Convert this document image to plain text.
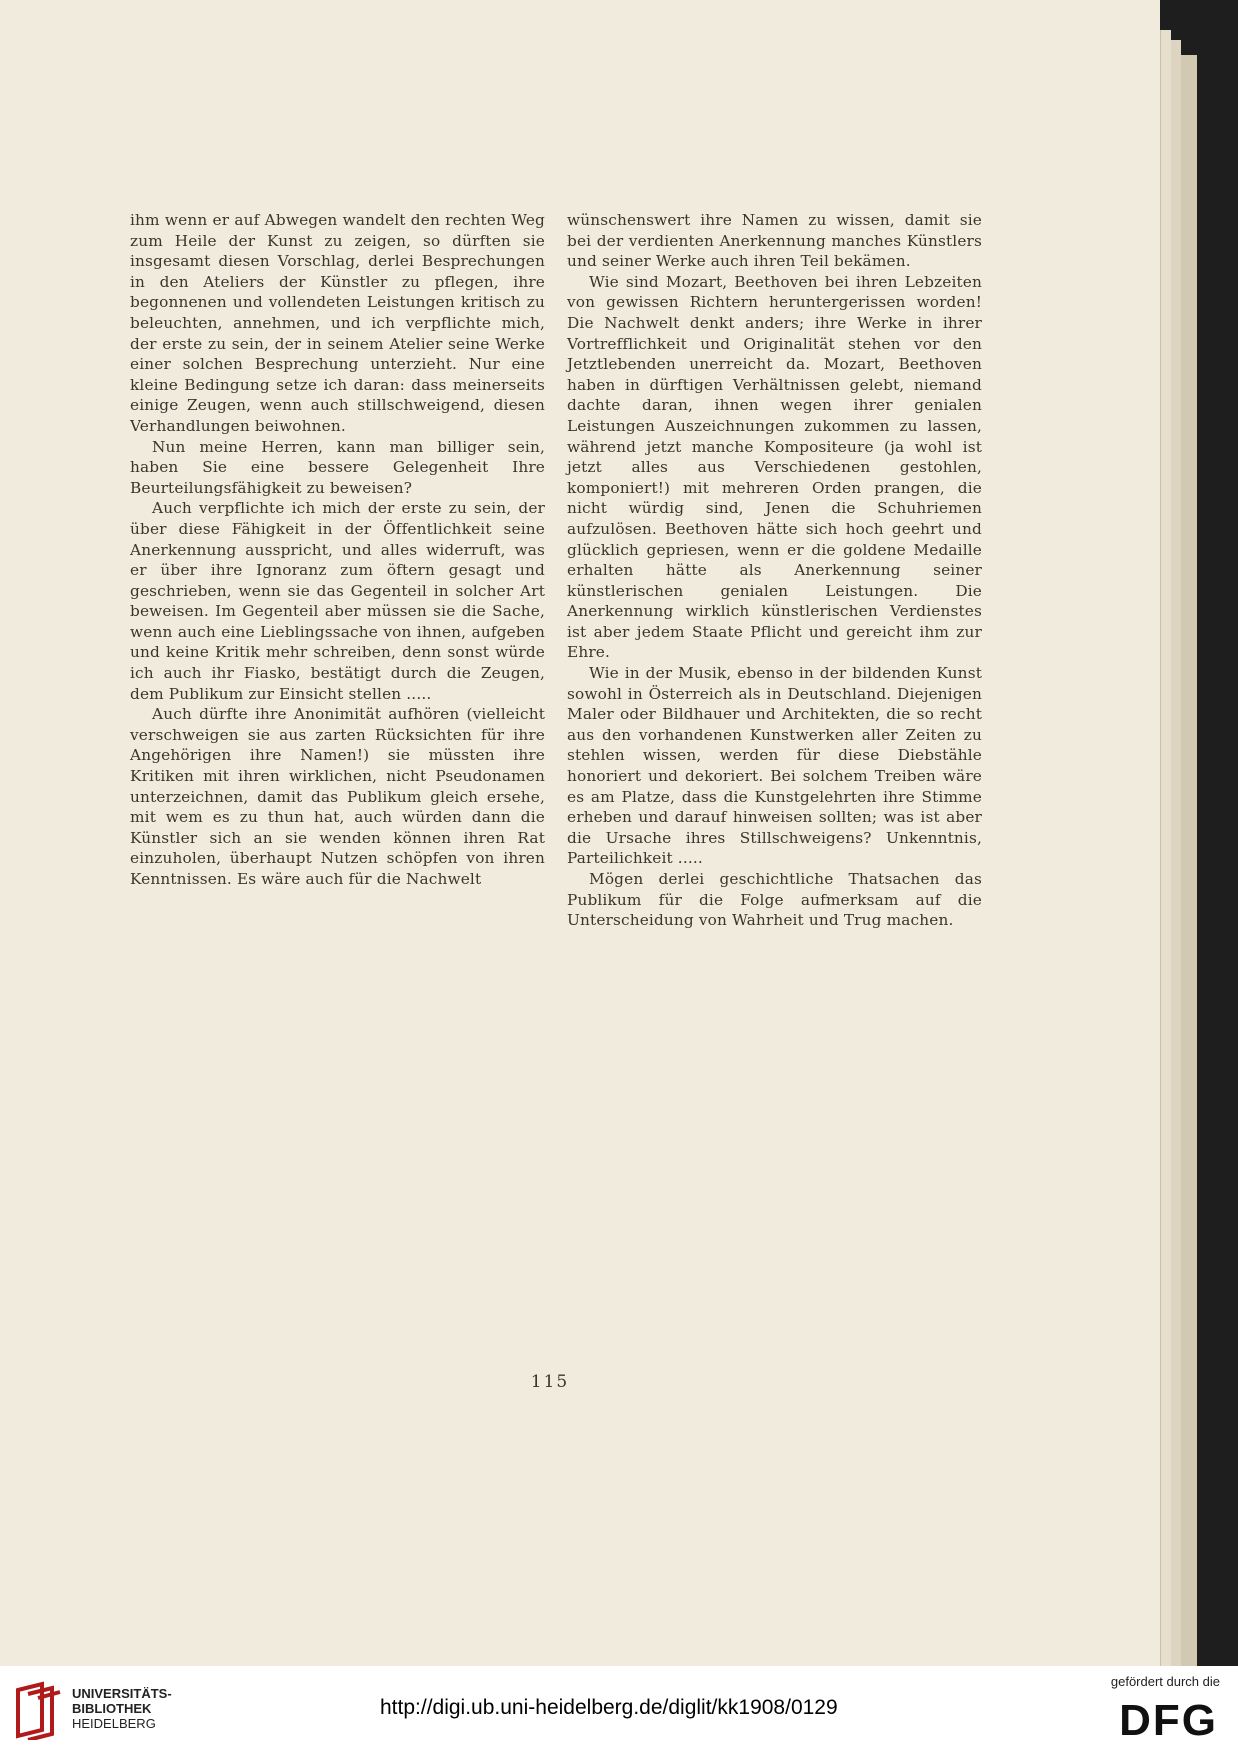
ihm wenn er auf Abwegen wandelt den rechten Weg zum Heile der Kunst zu zeigen, so dürften sie insgesamt diesen Vorschlag, derlei Besprechungen in den Ateliers der Künstler zu pflegen, ihre begonnenen und vollendeten Leistungen kritisch zu beleuchten, annehmen, und ich verpflichte mich, der erste zu sein, der in seinem Atelier seine Werke einer solchen Besprechung unterzieht. Nur eine kleine Bedingung setze ich daran: dass meinerseits einige Zeugen, wenn auch stillschweigend, diesen Verhandlungen beiwohnen.

Nun meine Herren, kann man billiger sein, haben Sie eine bessere Gelegenheit Ihre Beurteilungsfähigkeit zu beweisen?

Auch verpflichte ich mich der erste zu sein, der über diese Fähigkeit in der Öffentlichkeit seine Anerkennung ausspricht, und alles widerruft, was er über ihre Ignoranz zum öftern gesagt und geschrieben, wenn sie das Gegenteil in solcher Art beweisen. Im Gegenteil aber müssen sie die Sache, wenn auch eine Lieblingssache von ihnen, aufgeben und keine Kritik mehr schreiben, denn sonst würde ich auch ihr Fiasko, bestätigt durch die Zeugen, dem Publikum zur Einsicht stellen .....

Auch dürfte ihre Anonimität aufhören (vielleicht verschweigen sie aus zarten Rücksichten für ihre Angehörigen ihre Namen!) sie müssten ihre Kritiken mit ihren wirklichen, nicht Pseudonamen unterzeichnen, damit das Publikum gleich ersehe, mit wem es zu thun hat, auch würden dann die Künstler sich an sie wenden können ihren Rat einzuholen, überhaupt Nutzen schöpfen von ihren Kenntnissen. Es wäre auch für die Nachwelt

wünschenswert ihre Namen zu wissen, damit sie bei der verdienten Anerkennung manches Künstlers und seiner Werke auch ihren Teil bekämen.

Wie sind Mozart, Beethoven bei ihren Lebzeiten von gewissen Richtern heruntergerissen worden! Die Nachwelt denkt anders; ihre Werke in ihrer Vortrefflichkeit und Originalität stehen vor den Jetztlebenden unerreicht da. Mozart, Beethoven haben in dürftigen Verhältnissen gelebt, niemand dachte daran, ihnen wegen ihrer genialen Leistungen Auszeichnungen zukommen zu lassen, während jetzt manche Kompositeure (ja wohl ist jetzt alles aus Verschiedenen gestohlen, komponiert!) mit mehreren Orden prangen, die nicht würdig sind, Jenen die Schuhriemen aufzulösen. Beethoven hätte sich hoch geehrt und glücklich gepriesen, wenn er die goldene Medaille erhalten hätte als Anerkennung seiner künstlerischen genialen Leistungen. Die Anerkennung wirklich künstlerischen Verdienstes ist aber jedem Staate Pflicht und gereicht ihm zur Ehre.

Wie in der Musik, ebenso in der bildenden Kunst sowohl in Österreich als in Deutschland. Diejenigen Maler oder Bildhauer und Architekten, die so recht aus den vorhandenen Kunstwerken aller Zeiten zu stehlen wissen, werden für diese Diebstähle honoriert und dekoriert. Bei solchem Treiben wäre es am Platze, dass die Kunstgelehrten ihre Stimme erheben und darauf hinweisen sollten; was ist aber die Ursache ihres Stillschweigens? Unkenntnis, Parteilichkeit .....

Mögen derlei geschichtliche Thatsachen das Publikum für die Folge aufmerksam auf die Unterscheidung von Wahrheit und Trug machen.

115
UNIVERSITÄTS-
BIBLIOTHEK
HEIDELBERG
http://digi.ub.uni-heidelberg.de/diglit/kk1908/0129
gefördert durch die
DFG
